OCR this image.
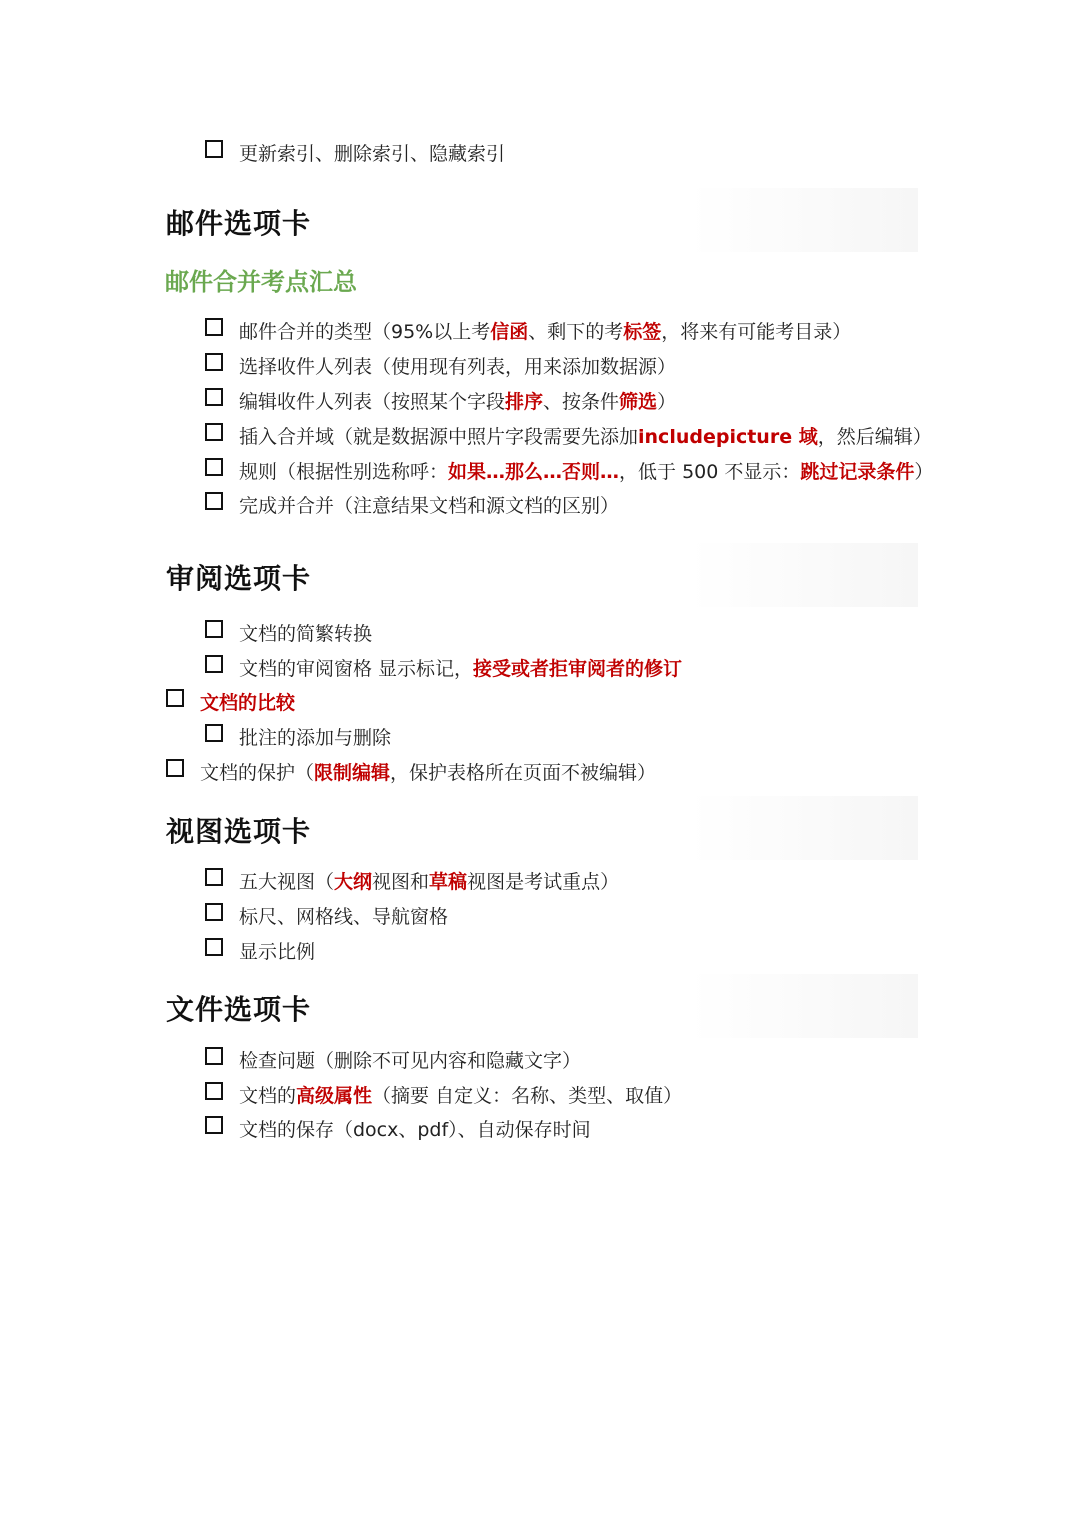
更新索引、删除索引、隐藏索引
邮件选项卡
邮件合并考点汇总
邮件合并的类型（95%以上考 信函 、剩下的考 标签 ，将来有可能考目录）
选择收件人列表（使用现有列表，用来添加数据源）
编辑收件人列表（按照某个字段 排序 、按条件 筛选 ）
插入合并域（就是数据源中照片字段需要先添加 includepicture 域 ，然后编辑）
规则（根据性别选称呼： 如果…那么…否则… ，低于 500 不显示： 跳过记录条件 ）
完成并合并（注意结果文档和源文档的区别）
审阅选项卡
文档的简繁转换
文档的审阅窗格 显示标记， 接受或者拒审阅者的修订
文档的比较
批注的添加与删除
文档的保护（ 限制编辑 ，保护表格所在页面不被编辑）
视图选项卡
五大视图（ 大纲 视图和 草稿 视图是考试重点）
标尺、网格线、导航窗格
显示比例
文件选项卡
检查问题（删除不可见内容和隐藏文字）
文档的 高级属性 （摘要 自定义：名称、类型、取值）
文档的保存（docx、pdf）、自动保存时间
